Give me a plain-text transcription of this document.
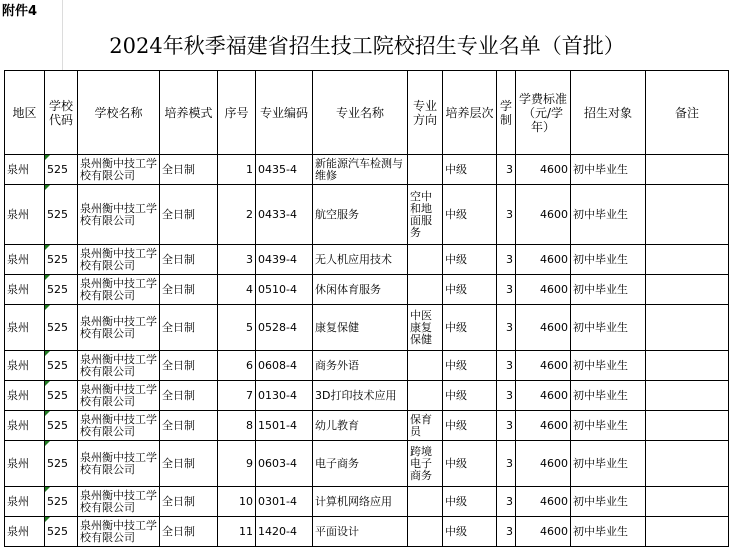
附件4
2024年秋季福建省招生技工院校招生专业名单（首批）
地区	学校代码	学校名称	培养模式	序号	专业编码	专业名称	专业方向	培养层次	学制	学费标准（元/学年）	招生对象	备注
泉州	525	泉州衡中技工学校有限公司	全日制	1	0435-4	新能源汽车检测与维修		中级	3	4600	初中毕业生	
泉州	525	泉州衡中技工学校有限公司	全日制	2	0433-4	航空服务	空中和地面服务	中级	3	4600	初中毕业生	
泉州	525	泉州衡中技工学校有限公司	全日制	3	0439-4	无人机应用技术		中级	3	4600	初中毕业生	
泉州	525	泉州衡中技工学校有限公司	全日制	4	0510-4	休闲体育服务		中级	3	4600	初中毕业生	
泉州	525	泉州衡中技工学校有限公司	全日制	5	0528-4	康复保健	中医康复保健	中级	3	4600	初中毕业生	
泉州	525	泉州衡中技工学校有限公司	全日制	6	0608-4	商务外语		中级	3	4600	初中毕业生	
泉州	525	泉州衡中技工学校有限公司	全日制	7	0130-4	3D打印技术应用		中级	3	4600	初中毕业生	
泉州	525	泉州衡中技工学校有限公司	全日制	8	1501-4	幼儿教育	保育员	中级	3	4600	初中毕业生	
泉州	525	泉州衡中技工学校有限公司	全日制	9	0603-4	电子商务	跨境电子商务	中级	3	4600	初中毕业生	
泉州	525	泉州衡中技工学校有限公司	全日制	10	0301-4	计算机网络应用		中级	3	4600	初中毕业生	
泉州	525	泉州衡中技工学校有限公司	全日制	11	1420-4	平面设计		中级	3	4600	初中毕业生	
